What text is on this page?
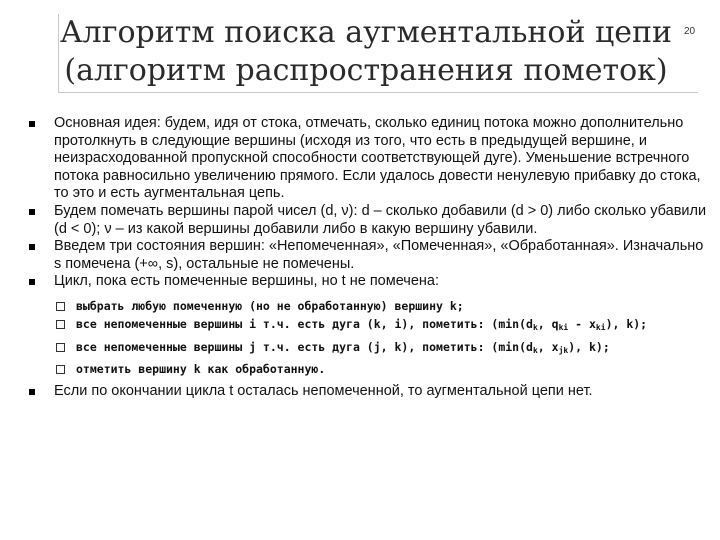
Алгоритм поиска аугментальной цепи
(алгоритм распространения пометок)
20
Основная идея: будем, идя от стока, отмечать, сколько единиц потока можно дополнительно протолкнуть в следующие вершины (исходя из того, что есть в предыдущей вершине, и неизрасходованной пропускной способности соответствующей дуге). Уменьшение встречного потока равносильно увеличению прямого. Если удалось довести ненулевую прибавку до стока, то это и есть аугментальная цепь.
Будем помечать вершины парой чисел (d, ν): d – сколько добавили (d > 0) либо сколько убавили (d < 0); ν – из какой вершины добавили либо в какую вершину убавили.
Введем три состояния вершин: «Непомеченная», «Помеченная», «Обработанная». Изначально s помечена (+∞, s), остальные не помечены.
Цикл, пока есть помеченные вершины, но t не помечена:
выбрать любую помеченную (но не обработанную) вершину k;
все непомеченные вершины i т.ч. есть дуга (k, i), пометить: ($\min(d_k$, $q_{ki} - x_{ki}$), k);
все непомеченные вершины j т.ч. есть дуга (j, k), пометить: ($\min(d_k$, $x_{jk}$), k);
отметить вершину k как обработанную.
Если по окончании цикла t осталась непомеченной, то аугментальной цепи нет.
